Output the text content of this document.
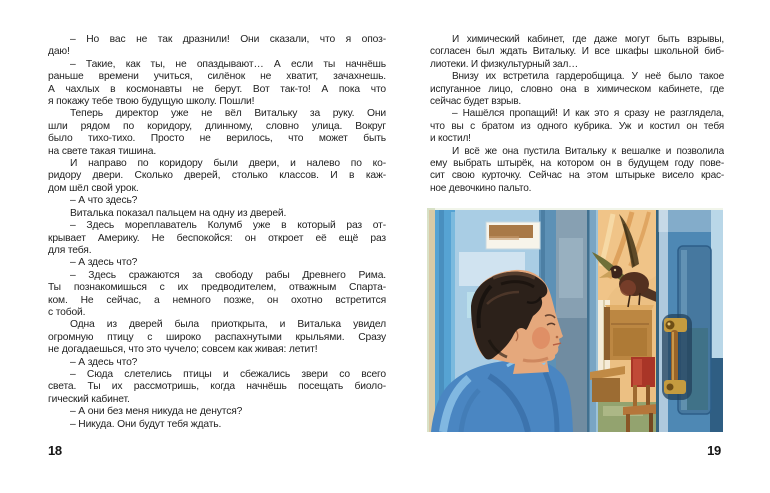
– Но вас не так дразнили! Они сказали, что я опоз-
даю!
– Такие, как ты, не опаздывают… А если ты начнёшь
раньше времени учиться, силёнок не хватит, зачахнешь.
А чахлых в космонавты не берут. Вот так-то! А пока что
я покажу тебе твою будущую школу. Пошли!
Теперь директор уже не вёл Витальку за руку. Они
шли рядом по коридору, длинному, словно улица. Вокруг
было тихо-тихо. Просто не верилось, что может быть
на свете такая тишина.
И направо по коридору были двери, и налево по ко-
ридору двери. Сколько дверей, столько классов. И в каж-
дом шёл свой урок.
– А что здесь?
Виталька показал пальцем на одну из дверей.
– Здесь мореплаватель Колумб уже в который раз от-
крывает Америку. Не беспокойся: он откроет её ещё раз
для тебя.
– А здесь что?
– Здесь сражаются за свободу рабы Древнего Рима.
Ты познакомишься с их предводителем, отважным Спарта-
ком. Не сейчас, а немного позже, он охотно встретится
с тобой.
Одна из дверей была приоткрыта, и Виталька увидел
огромную птицу с широко распахнутыми крыльями. Сразу
не догадаешься, что это чучело; совсем как живая: летит!
– А здесь что?
– Сюда слетелись птицы и сбежались звери со всего
света. Ты их рассмотришь, когда начнёшь посещать биоло-
гический кабинет.
– А они без меня никуда не денутся?
– Никуда. Они будут тебя ждать.
18
И химический кабинет, где даже могут быть взрывы,
согласен был ждать Витальку. И все шкафы школьной биб-
лиотеки. И физкультурный зал…
Внизу их встретила гардеробщица. У неё было такое
испуганное лицо, словно она в химическом кабинете, где
сейчас будет взрыв.
– Нашёлся пропащий! И как это я сразу не разглядела,
что вы с братом из одного кубрика. Уж и костил он тебя
и костил!
И всё же она пустила Витальку к вешалке и позволила
ему выбрать штырёк, на котором он в будущем году пове-
сит свою курточку. Сейчас на этом штырьке висело крас-
ное девочкино пальто.
19
